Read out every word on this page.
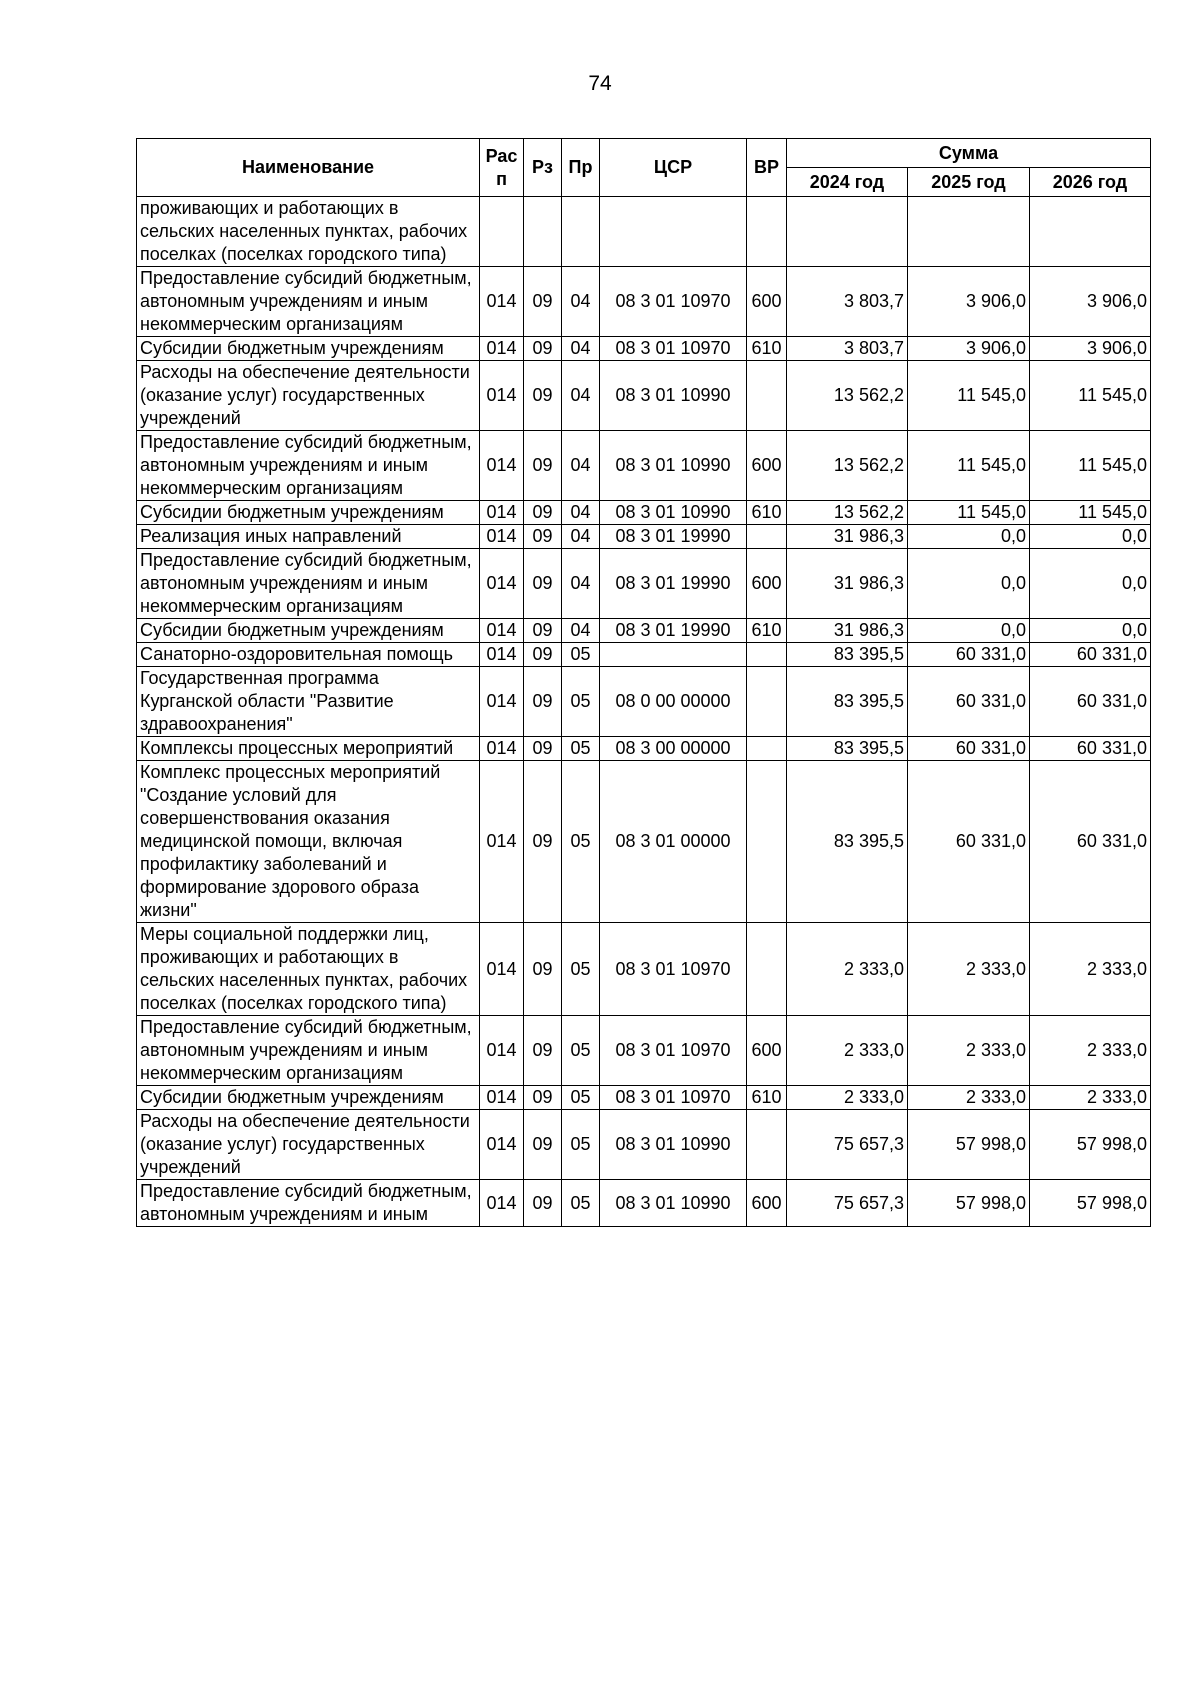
74
Наименование	Рас п	Рз	Пр	ЦСР	ВР	Сумма		
						2024 год	2025 год	2026 год
проживающих и работающих в сельских населенных пунктах, рабочих поселках (поселках городского типа)								
Предоставление субсидий бюджетным, автономным учреждениям и иным некоммерческим организациям	014	09	04	08 3 01 10970	600	3 803,7	3 906,0	3 906,0
Субсидии бюджетным учреждениям	014	09	04	08 3 01 10970	610	3 803,7	3 906,0	3 906,0
Расходы на обеспечение деятельности (оказание услуг) государственных учреждений	014	09	04	08 3 01 10990		13 562,2	11 545,0	11 545,0
Предоставление субсидий бюджетным, автономным учреждениям и иным некоммерческим организациям	014	09	04	08 3 01 10990	600	13 562,2	11 545,0	11 545,0
Субсидии бюджетным учреждениям	014	09	04	08 3 01 10990	610	13 562,2	11 545,0	11 545,0
Реализация иных направлений	014	09	04	08 3 01 19990		31 986,3	0,0	0,0
Предоставление субсидий бюджетным, автономным учреждениям и иным некоммерческим организациям	014	09	04	08 3 01 19990	600	31 986,3	0,0	0,0
Субсидии бюджетным учреждениям	014	09	04	08 3 01 19990	610	31 986,3	0,0	0,0
Санаторно-оздоровительная помощь	014	09	05			83 395,5	60 331,0	60 331,0
Государственная программа Курганской области "Развитие здравоохранения"	014	09	05	08 0 00 00000		83 395,5	60 331,0	60 331,0
Комплексы процессных мероприятий	014	09	05	08 3 00 00000		83 395,5	60 331,0	60 331,0
Комплекс процессных мероприятий "Создание условий для совершенствования оказания медицинской помощи, включая профилактику заболеваний и формирование здорового образа жизни"	014	09	05	08 3 01 00000		83 395,5	60 331,0	60 331,0
Меры социальной поддержки лиц, проживающих и работающих в сельских населенных пунктах, рабочих поселках (поселках городского типа)	014	09	05	08 3 01 10970		2 333,0	2 333,0	2 333,0
Предоставление субсидий бюджетным, автономным учреждениям и иным некоммерческим организациям	014	09	05	08 3 01 10970	600	2 333,0	2 333,0	2 333,0
Субсидии бюджетным учреждениям	014	09	05	08 3 01 10970	610	2 333,0	2 333,0	2 333,0
Расходы на обеспечение деятельности (оказание услуг) государственных учреждений	014	09	05	08 3 01 10990		75 657,3	57 998,0	57 998,0
Предоставление субсидий бюджетным, автономным учреждениям и иным	014	09	05	08 3 01 10990	600	75 657,3	57 998,0	57 998,0
